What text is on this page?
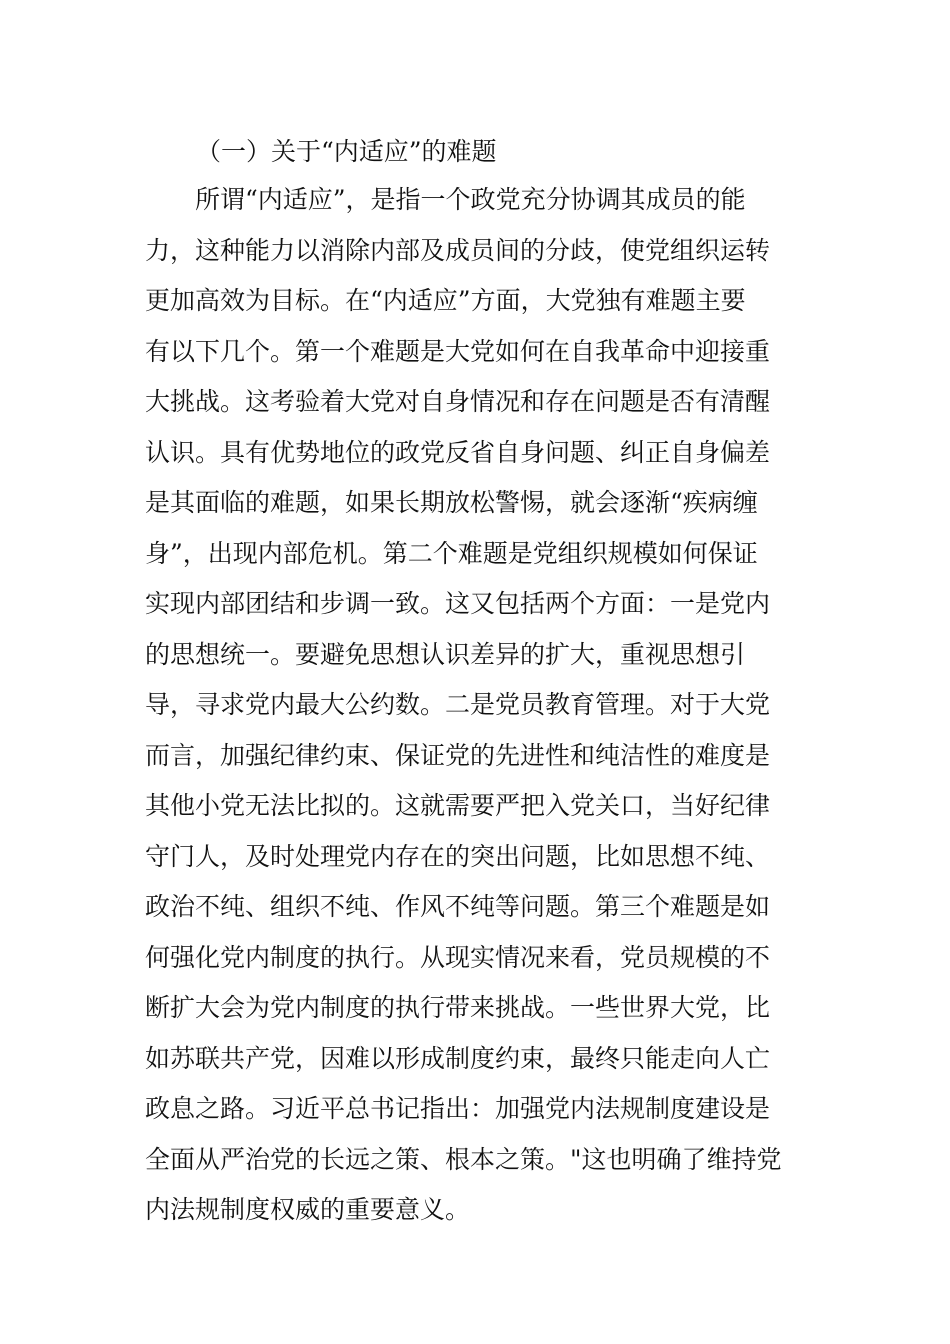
（一）关于“内适应”的难题
所谓“内适应”，是指一个政党充分协调其成员的能
力，这种能力以消除内部及成员间的分歧，使党组织运转
更加高效为目标。在“内适应”方面，大党独有难题主要
有以下几个。第一个难题是大党如何在自我革命中迎接重
大挑战。这考验着大党对自身情况和存在问题是否有清醒
认识。具有优势地位的政党反省自身问题、纠正自身偏差
是其面临的难题，如果长期放松警惕，就会逐渐“疾病缠
身”，出现内部危机。第二个难题是党组织规模如何保证
实现内部团结和步调一致。这又包括两个方面：一是党内
的思想统一。要避免思想认识差异的扩大，重视思想引
导，寻求党内最大公约数。二是党员教育管理。对于大党
而言，加强纪律约束、保证党的先进性和纯洁性的难度是
其他小党无法比拟的。这就需要严把入党关口，当好纪律
守门人，及时处理党内存在的突出问题，比如思想不纯、
政治不纯、组织不纯、作风不纯等问题。第三个难题是如
何强化党内制度的执行。从现实情况来看，党员规模的不
断扩大会为党内制度的执行带来挑战。一些世界大党，比
如苏联共产党，因难以形成制度约束，最终只能走向人亡
政息之路。习近平总书记指出：加强党内法规制度建设是
全面从严治党的长远之策、根本之策。"这也明确了维持党
内法规制度权威的重要意义。
